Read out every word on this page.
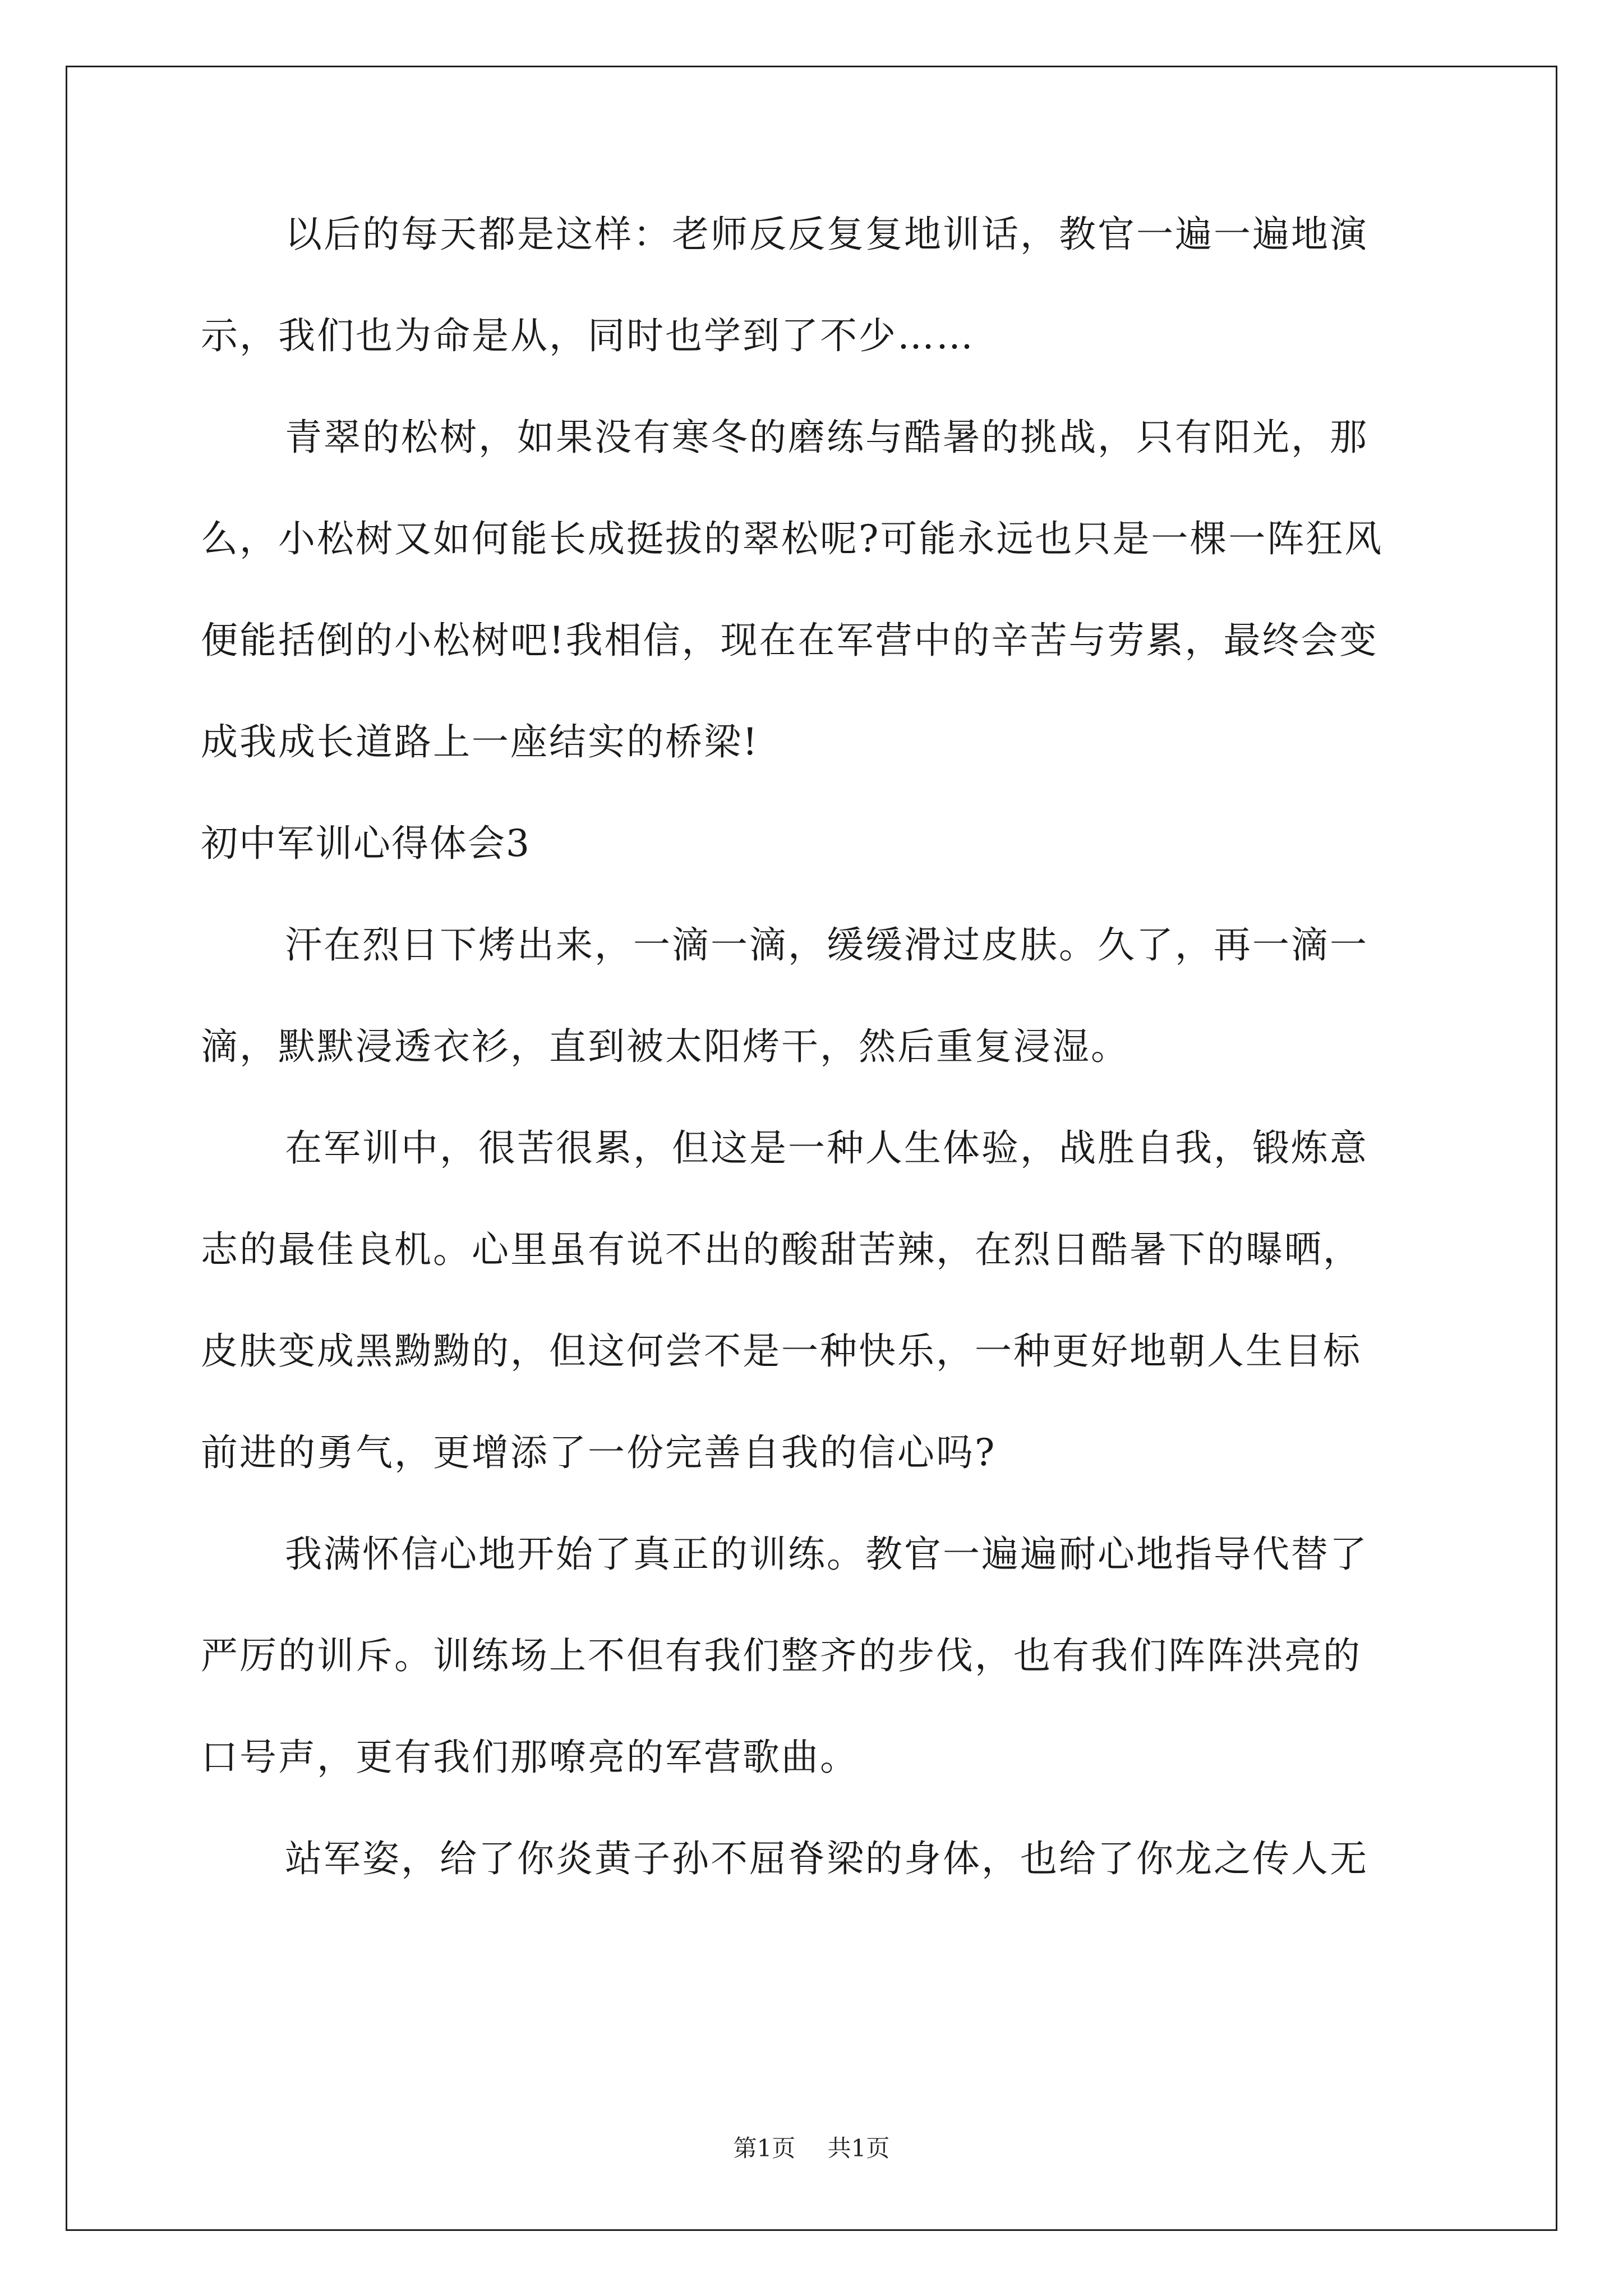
以后的每天都是这样：老师反反复复地训话，教官一遍一遍地演
示，我们也为命是从，同时也学到了不少……
青翠的松树，如果没有寒冬的磨练与酷暑的挑战，只有阳光，那
么，小松树又如何能长成挺拔的翠松呢?可能永远也只是一棵一阵狂风
便能括倒的小松树吧!我相信，现在在军营中的辛苦与劳累，最终会变
成我成长道路上一座结实的桥梁!
初中军训心得体会3
汗在烈日下烤出来，一滴一滴，缓缓滑过皮肤。久了，再一滴一
滴，默默浸透衣衫，直到被太阳烤干，然后重复浸湿。
在军训中，很苦很累，但这是一种人生体验，战胜自我，锻炼意
志的最佳良机。心里虽有说不出的酸甜苦辣，在烈日酷暑下的曝晒，
皮肤变成黑黝黝的，但这何尝不是一种快乐，一种更好地朝人生目标
前进的勇气，更增添了一份完善自我的信心吗?
我满怀信心地开始了真正的训练。教官一遍遍耐心地指导代替了
严厉的训斥。训练场上不但有我们整齐的步伐，也有我们阵阵洪亮的
口号声，更有我们那嘹亮的军营歌曲。
站军姿，给了你炎黄子孙不屈脊梁的身体，也给了你龙之传人无
第1页 共1页
